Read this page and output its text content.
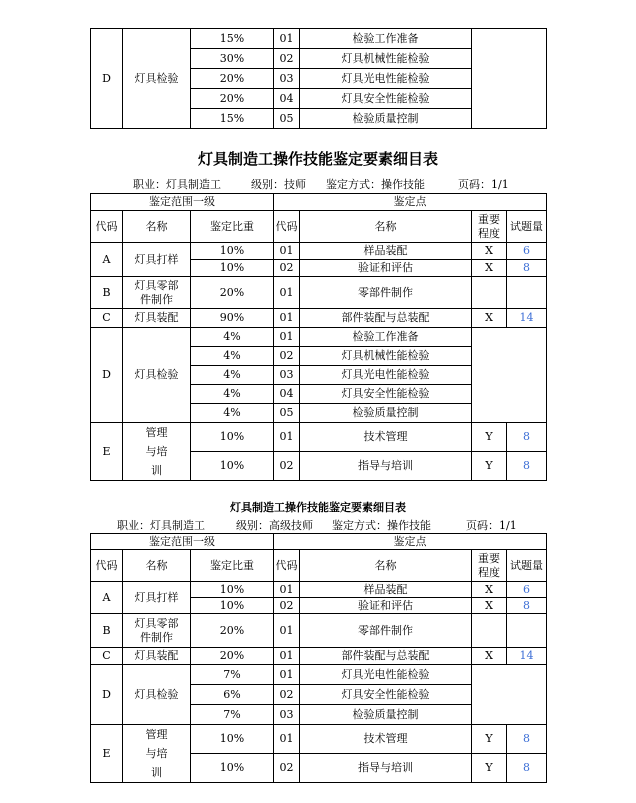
D	灯具检验	15%	01	检验工作准备	
		30%	02	灯具机械性能检验	
		20%	03	灯具光电性能检验	
		20%	04	灯具安全性能检验	
		15%	05	检验质量控制	
灯具制造工操作技能鉴定要素细目表
职业：灯具制造工	级别：技师 鉴定方式：操作技能	页码：1/1
鉴定范围一级			鉴定点			
代码	名称	鉴定比重	代码	名称	重要程度	试题量
A	灯具打样	10%	01	样品装配	X	6
		10%	02	验证和评估	X	8
B	灯具零部件制作	20%	01	零部件制作		
C	灯具装配	90%	01	部件装配与总装配	X	14
D	灯具检验	4%	01	检验工作准备		
		4%	02	灯具机械性能检验		
		4%	03	灯具光电性能检验		
		4%	04	灯具安全性能检验		
		4%	05	检验质量控制		
E	管理与培训	10%	01	技术管理	Y	8
		10%	02	指导与培训	Y	8
灯具制造工操作技能鉴定要素细目表
职业：灯具制造工	级别：高级技师 鉴定方式：操作技能	页码：1/1
鉴定范围一级			鉴定点			
代码	名称	鉴定比重	代码	名称	重要程度	试题量
A	灯具打样	10%	01	样品装配	X	6
		10%	02	验证和评估	X	8
B	灯具零部件制作	20%	01	零部件制作		
C	灯具装配	20%	01	部件装配与总装配	X	14
D	灯具检验	7%	01	灯具光电性能检验		
		6%	02	灯具安全性能检验		
		7%	03	检验质量控制		
E	管理与培训	10%	01	技术管理	Y	8
		10%	02	指导与培训	Y	8
